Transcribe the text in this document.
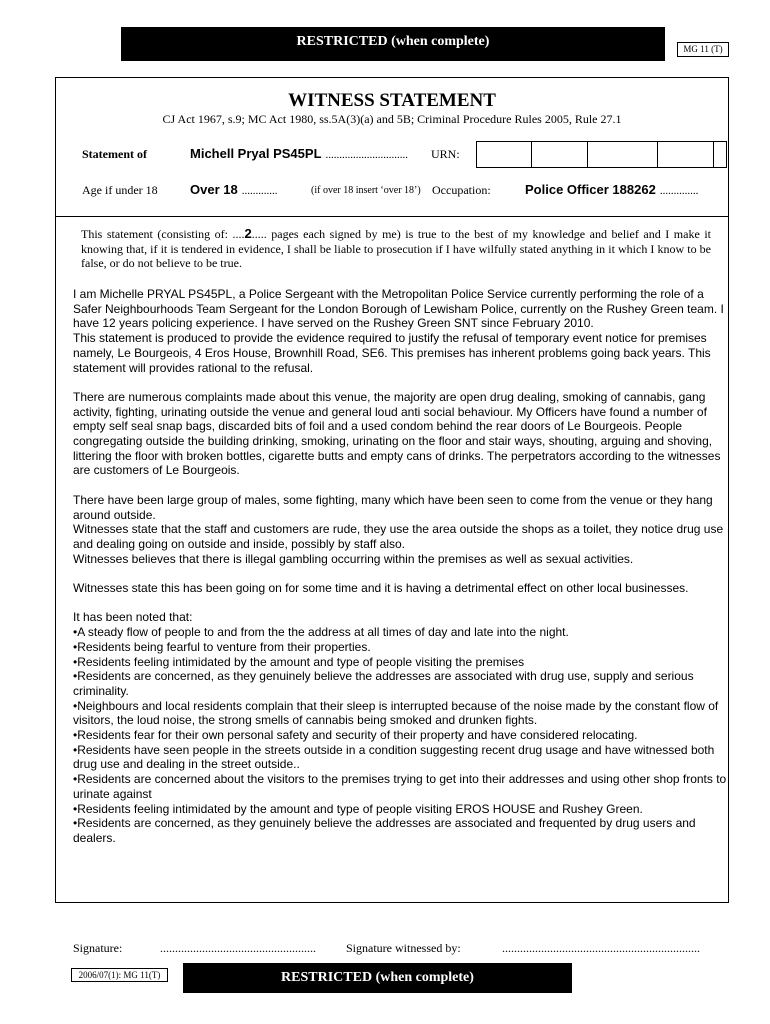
RESTRICTED (when complete)	MG 11 (T)
WITNESS STATEMENT
CJ Act 1967, s.9; MC Act 1980, ss.5A(3)(a) and 5B; Criminal Procedure Rules 2005, Rule 27.1
Statement of	Michell Pryal PS45PL .............................. URN:
Age if under 18 Over 18 .............	(if over 18 insert ‘over 18’) Occupation:	Police Officer 188262 ..............
This statement (consisting of: ....2..... pages each signed by me) is true to the best of my knowledge and belief and I make it knowing that, if it is tendered in evidence, I shall be liable to prosecution if I have wilfully stated anything in it which I know to be false, or do not believe to be true.

I am Michelle PRYAL PS45PL, a Police Sergeant with the Metropolitan Police Service currently performing the role of a Safer Neighbourhoods Team Sergeant for the London Borough of Lewisham Police, currently on the Rushey Green team. I have 12 years policing experience. I have served on the Rushey Green SNT since February 2010.

This statement is produced to provide the evidence required to justify the refusal of temporary event notice for premises namely, Le Bourgeois, 4 Eros House, Brownhill Road, SE6. This premises has inherent problems going back years. This statement will provides rational to the refusal.

There are numerous complaints made about this venue, the majority are open drug dealing, smoking of cannabis, gang activity, fighting, urinating outside the venue and general loud anti social behaviour. My Officers have found a number of empty self seal snap bags, discarded bits of foil and a used condom behind the rear doors of Le Bourgeois. People congregating outside the building drinking, smoking, urinating on the floor and stair ways, shouting, arguing and shoving, littering the floor with broken bottles, cigarette butts and empty cans of drinks. The perpetrators according to the witnesses are customers of Le Bourgeois.

There have been large group of males, some fighting, many which have been seen to come from the venue or they hang around outside.

Witnesses state that the staff and customers are rude, they use the area outside the shops as a toilet, they notice drug use and dealing going on outside and inside, possibly by staff also.

Witnesses believes that there is illegal gambling occurring within the premises as well as sexual activities.

Witnesses state this has been going on for some time and it is having a detrimental effect on other local businesses.

It has been noted that:

•A steady flow of people to and from the the address at all times of day and late into the night.

•Residents being fearful to venture from their properties.

•Residents feeling intimidated by the amount and type of people visiting the premises

•Residents are concerned, as they genuinely believe the addresses are associated with drug use, supply and serious criminality.

•Neighbours and local residents complain that their sleep is interrupted because of the noise made by the constant flow of visitors, the loud noise, the strong smells of cannabis being smoked and drunken fights.

•Residents fear for their own personal safety and security of their property and have considered relocating.

•Residents have seen people in the streets outside in a condition suggesting recent drug usage and have witnessed both drug use and dealing in the street outside..

•Residents are concerned about the visitors to the premises trying to get into their addresses and using other shop fronts to urinate against

•Residents feeling intimidated by the amount and type of people visiting EROS HOUSE and Rushey Green.

•Residents are concerned, as they genuinely believe the addresses are associated and frequented by drug users and dealers.

Signature:	....................................................	Signature witnessed by:	..................................................................
2006/07(1): MG 11(T)	RESTRICTED (when complete)
